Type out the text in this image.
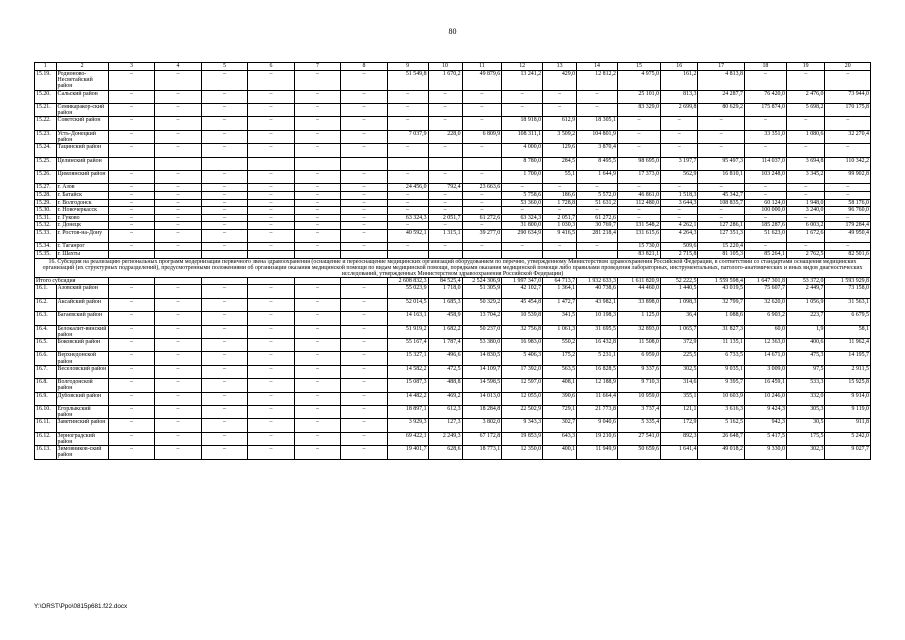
80
1	2	3	4	5	6	7	8	9	10	11	12	13	14	15	16	17	18	19	20
15.19.	Родионово-Несветайский район	–	–	–	–	–	–	51 549,8	1 670,2	49 879,6	13 241,2	429,0	12 812,2	4 975,0	161,2	4 813,8	–	–	–
15.20.	Сальский район	–	–	–	–	–	–	–	–	–	–	–	–	25 101,0	813,3	24 287,7	76 420,0	2 476,0	73 944,0
15.21.	Семикаракор-ский район	–	–	–	–	–	–	–	–	–	–	–	–	83 329,0	2 699,8	80 629,2	175 874,0	5 698,2	170 175,8
15.22.	Советский район	–	–	–	–	–	–	–	–	–	18 918,0	612,9	18 305,1	–	–	–	–	–	–
15.23.	Усть-Донецкий район	–	–	–	–	–	–	7 037,9	228,0	6 809,9	108 311,1	3 509,2	104 801,9	–	–	–	33 351,0	1 080,6	32 270,4
15.24.	Тацинский район	–	–	–	–	–	–	–	–	–	4 000,0	129,6	3 870,4	–	–	–	–	–	–
15.25.	Целинский район										8 780,0	284,5	8 495,5	98 695,0	3 197,7	95 497,3	114 037,0	3 694,8	110 342,2
15.26.	Цимлянский район	–	–	–	–	–	–	–	–	–	1 700,0	55,1	1 644,9	17 373,0	562,9	16 810,1	103 248,0	3 345,2	99 902,8
15.27.	г. Азов	–	–	–	–	–	–	24 456,0	792,4	23 663,6	–	–	–	–	–	–	–	–	–
15.28.	г. Батайск	–	–	–	–	–	–	–	–	–	5 758,6	186,6	5 572,0	46 861,0	1 518,3	45 342,7	–	–	–
15.29.	г. Волгодонск	–	–	–	–	–	–	–	–	–	53 360,0	1 728,8	51 631,2	112 480,0	3 644,3	108 835,7	60 124,0	1 948,0	58 176,0
15.30.	г. Новочеркасск	–	–	–	–	–	–	–	–	–	–	–	–	–	–	–	100 000,0	3 240,0	96 760,0
15.31.	г. Гуково	–	–	–	–	–	–	63 324,3	2 051,7	61 272,6	63 324,3	2 051,7	61 272,6	–	–	–	–	–	–
15.32.	г. Донецк	–	–	–	–	–	–	–	–	–	31 800,0	1 030,3	30 769,7	131 548,2	4 262,1	127 286,1	185 287,6	6 003,2	179 284,4
15.33.	г. Ростов-на-Дону	–	–	–	–	–	–	40 592,1	1 315,1	39 277,0	290 634,9	9 416,5	281 218,4	131 615,6	4 264,3	127 351,3	51 623,0	1 672,6	49 950,4
15.34.	г. Таганрог	–	–	–	–	–	–	–	–	–	–	–	–	15 730,0	509,6	15 220,4	–	–	–
15.35.	г. Шахты													83 821,1	2 715,8	81 105,3	85 264,1	2 762,5	82 501,6
16. Субсидия на реализацию региональных программ модернизации первичного звена здравоохранения (оснащение и переоснащение медицинских организаций оборудованием по перечню, утвержденному Министерством здравоохранения Российской Федерации, в соответствии со стандартами оснащения медицинских организаций (их структурных подразделений), предусмотренными положениями об организации оказания медицинской помощи по видам медицинской помощи, порядками оказания медицинской помощи либо правилами проведения лабораторных, инструментальных, патолого-анатомических и иных видов диагностических исследований, утвержденных Министерством здравоохранения Российской Федерации)																			
Итого субсидия								2 608 832,3	84 525,4	2 524 306,9	1 997 347,0	64 713,7	1 932 633,3	1 611 820,9	52 222,5	1 559 598,4	1 647 301,8	53 372,0	1 593 929,8
16.1.	Азовский район	–	–	–	–	–	–	55 023,9	1 718,0	51 305,9	42 102,7	1 364,1	40 738,6	44 460,0	1 440,5	43 019,5	75 607,7	2 449,7	73 158,0
16.2.	Аксайский район	–	–	–	–	–	–	52 014,5	1 685,3	50 329,2	45 454,8	1 472,7	43 982,1	33 898,0	1 098,3	32 799,7	32 620,0	1 056,9	31 563,1
16.3.	Багаевский район	–	–	–	–	–	–	14 163,1	458,9	13 704,2	10 539,8	341,5	10 198,3	1 125,0	36,4	1 088,6	6 903,2	223,7	6 679,5
16.4.	Белокалит-винский район	–	–	–	–	–	–	51 919,2	1 682,2	50 237,0	32 756,8	1 061,3	31 695,5	32 893,0	1 065,7	31 827,3	60,0	1,9	58,1
16.5.	Боковский район	–	–	–	–	–	–	55 167,4	1 787,4	53 380,0	16 983,0	550,2	16 432,8	11 508,0	372,9	11 135,1	12 363,0	400,6	11 962,4
16.6.	Верхнедонской район	–	–	–	–	–	–	15 327,1	496,6	14 830,5	5 406,3	175,2	5 231,1	6 959,0	225,5	6 733,5	14 671,0	475,3	14 195,7
16.7.	Веселовский район	–	–	–	–	–	–	14 582,2	472,5	14 109,7	17 392,0	563,5	16 828,5	9 337,6	302,5	9 035,1	3 009,0	97,5	2 911,5
16.8.	Волгодонской район	–	–	–	–	–	–	15 087,3	488,8	14 598,5	12 597,0	408,1	12 188,9	9 710,3	314,6	9 395,7	16 459,1	533,3	15 925,8
16.9.	Дубовский район	–	–	–	–	–	–	14 482,2	469,2	14 013,0	12 055,0	390,6	11 664,4	10 959,0	355,1	10 603,9	10 246,0	332,0	9 914,0
16.10.	Егорлыкский район	–	–	–	–	–	–	18 897,1	612,3	18 284,8	22 502,9	729,1	21 773,8	3 737,4	121,1	3 616,3	9 424,3	305,3	9 119,0
16.11.	Заветинский район	–	–	–	–	–	–	3 929,3	127,3	3 802,0	9 343,3	302,7	9 040,6	5 335,4	172,9	5 162,5	942,3	30,5	911,8
16.12.	Зерноградский район	–	–	–	–	–	–	69 422,1	2 249,3	67 172,8	19 853,9	643,3	19 210,6	27 541,0	892,3	26 648,7	5 417,5	175,5	5 242,0
16.13.	Зимовников-ский район	–	–	–	–	–	–	19 401,7	628,6	18 773,1	12 350,0	400,1	11 949,9	50 659,6	1 641,4	49 018,2	9 330,0	302,3	9 027,7
Y:\ORST\Ppo\0815p681.f22.docx
